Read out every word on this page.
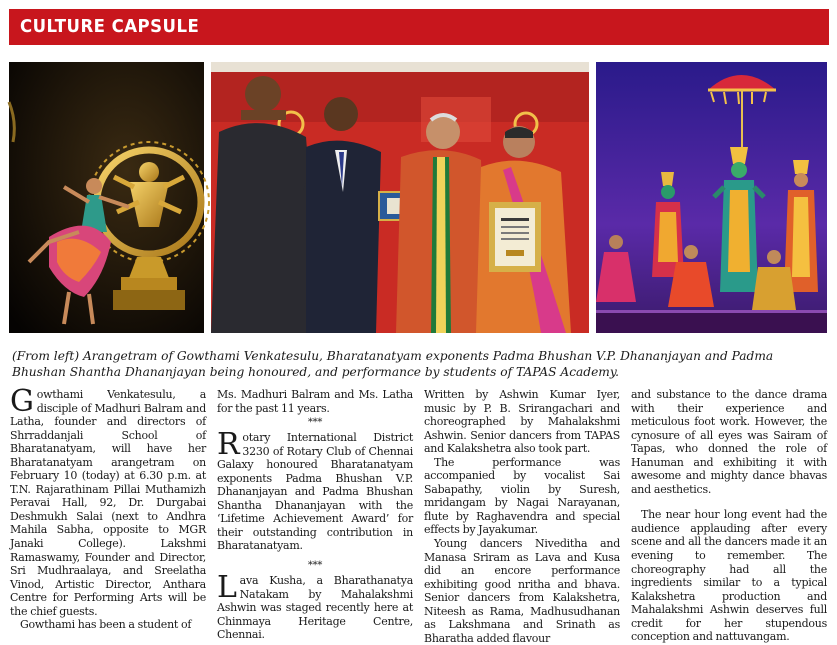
CULTURE CAPSULE
(From left) Arangetram of Gowthami Venkatesulu, Bharatanatyam exponents Padma Bhushan V.P. Dhananjayan and Padma Bhushan Shantha Dhananjayan being honoured, and performance by students of TAPAS Academy.
Gowthami Venkatesulu, a disciple of Madhuri Balram and Latha, founder and directors of Shrraddanjali School of Bharatanatyam, will have her Bharatanatyam arangetram on February 10 (today) at 6.30 p.m. at T.N. Rajarathinam Pillai Muthamizh Peravai Hall, 92, Dr. Durgabai Deshmukh Salai (next to Andhra Mahila Sabha, opposite to MGR Janaki College). Lakshmi Ramaswamy, Founder and Director, Sri Mudhraalaya, and Sreelatha Vinod, Artistic Director, Anthara Centre for Performing Arts will be the chief guests.
Gowthami has been a student of
Ms. Madhuri Balram and Ms. Latha for the past 11 years.
***
Rotary International District 3230 of Rotary Club of Chennai Galaxy honoured Bharatanatyam exponents Padma Bhushan V.P. Dhananjayan and Padma Bhushan Shantha Dhananjayan with the ‘Lifetime Achievement Award’ for their outstanding contribution in Bharatanatyam.
***
Lava Kusha, a Bharathanatya Natakam by Mahalakshmi Ashwin was staged recently here at Chinmaya Heritage Centre, Chennai.
Written by Ashwin Kumar Iyer, music by P. B. Srirangachari and choreographed by Mahalakshmi Ashwin. Senior dancers from TAPAS and Kalakshetra also took part.
The performance was accompanied by vocalist Sai Sabapathy, violin by Suresh, mridangam by Nagai Narayanan, flute by Raghavendra and special effects by Jayakumar.
Young dancers Niveditha and Manasa Sriram as Lava and Kusa did an encore performance exhibiting good nritha and bhava. Senior dancers from Kalakshetra, Niteesh as Rama, Madhusudhanan as Lakshmana and Srinath as Bharatha added flavour
and substance to the dance drama with their experience and meticulous foot work. However, the cynosure of all eyes was Sairam of Tapas, who donned the role of Hanuman and exhibiting it with awesome and mighty dance bhavas and aesthetics.
The near hour long event had the audience applauding after every scene and all the dancers made it an evening to remember. The choreography had all the ingredients similar to a typical Kalakshetra production and Mahalakshmi Ashwin deserves full credit for her stupendous conception and nattuvangam.
